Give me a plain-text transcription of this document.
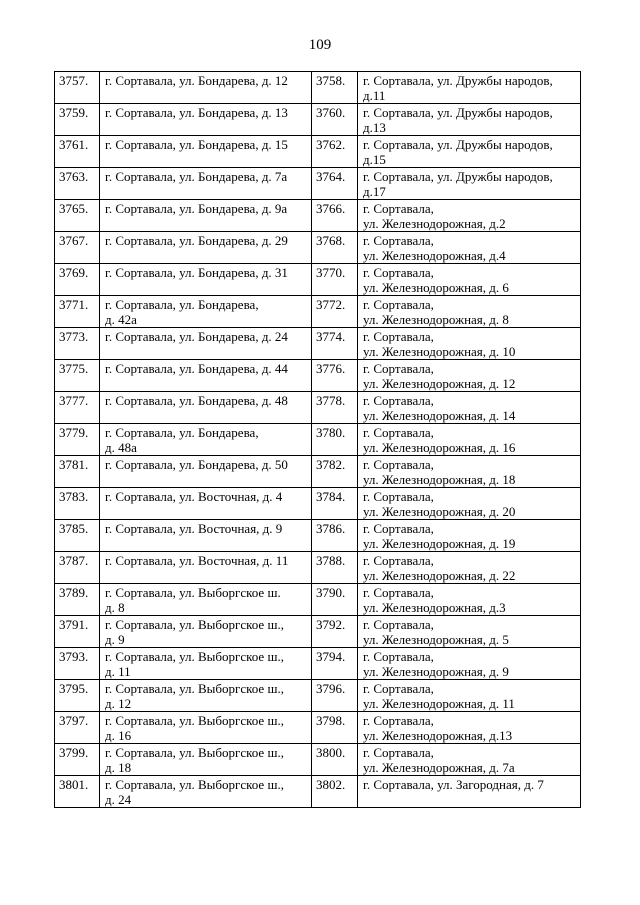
109
3757.	г. Сортавала, ул. Бондарева, д. 12	3758.	г. Сортавала, ул. Дружбы народов,
д.11
3759.	г. Сортавала, ул. Бондарева, д. 13	3760.	г. Сортавала, ул. Дружбы народов,
д.13
3761.	г. Сортавала, ул. Бондарева, д. 15	3762.	г. Сортавала, ул. Дружбы народов,
д.15
3763.	г. Сортавала, ул. Бондарева, д. 7а	3764.	г. Сортавала, ул. Дружбы народов,
д.17
3765.	г. Сортавала, ул. Бондарева, д. 9а	3766.	г. Сортавала,
ул. Железнодорожная, д.2
3767.	г. Сортавала, ул. Бондарева, д. 29	3768.	г. Сортавала,
ул. Железнодорожная, д.4
3769.	г. Сортавала, ул. Бондарева, д. 31	3770.	г. Сортавала,
ул. Железнодорожная, д. 6
3771.	г. Сортавала, ул. Бондарева,
д. 42а	3772.	г. Сортавала,
ул. Железнодорожная, д. 8
3773.	г. Сортавала, ул. Бондарева, д. 24	3774.	г. Сортавала,
ул. Железнодорожная, д. 10
3775.	г. Сортавала, ул. Бондарева, д. 44	3776.	г. Сортавала,
ул. Железнодорожная, д. 12
3777.	г. Сортавала, ул. Бондарева, д. 48	3778.	г. Сортавала,
ул. Железнодорожная, д. 14
3779.	г. Сортавала, ул. Бондарева,
д. 48а	3780.	г. Сортавала,
ул. Железнодорожная, д. 16
3781.	г. Сортавала, ул. Бондарева, д. 50	3782.	г. Сортавала,
ул. Железнодорожная, д. 18
3783.	г. Сортавала, ул. Восточная, д. 4	3784.	г. Сортавала,
ул. Железнодорожная, д. 20
3785.	г. Сортавала, ул. Восточная, д. 9	3786.	г. Сортавала,
ул. Железнодорожная, д. 19
3787.	г. Сортавала, ул. Восточная, д. 11	3788.	г. Сортавала,
ул. Железнодорожная, д. 22
3789.	г. Сортавала, ул. Выборгское ш.
д. 8	3790.	г. Сортавала,
ул. Железнодорожная, д.3
3791.	г. Сортавала, ул. Выборгское ш.,
д. 9	3792.	г. Сортавала,
ул. Железнодорожная, д. 5
3793.	г. Сортавала, ул. Выборгское ш.,
д. 11	3794.	г. Сортавала,
ул. Железнодорожная, д. 9
3795.	г. Сортавала, ул. Выборгское ш.,
д. 12	3796.	г. Сортавала,
ул. Железнодорожная, д. 11
3797.	г. Сортавала, ул. Выборгское ш.,
д. 16	3798.	г. Сортавала,
ул. Железнодорожная, д.13
3799.	г. Сортавала, ул. Выборгское ш.,
д. 18	3800.	г. Сортавала,
ул. Железнодорожная, д. 7а
3801.	г. Сортавала, ул. Выборгское ш.,
д. 24	3802.	г. Сортавала, ул. Загородная, д. 7
